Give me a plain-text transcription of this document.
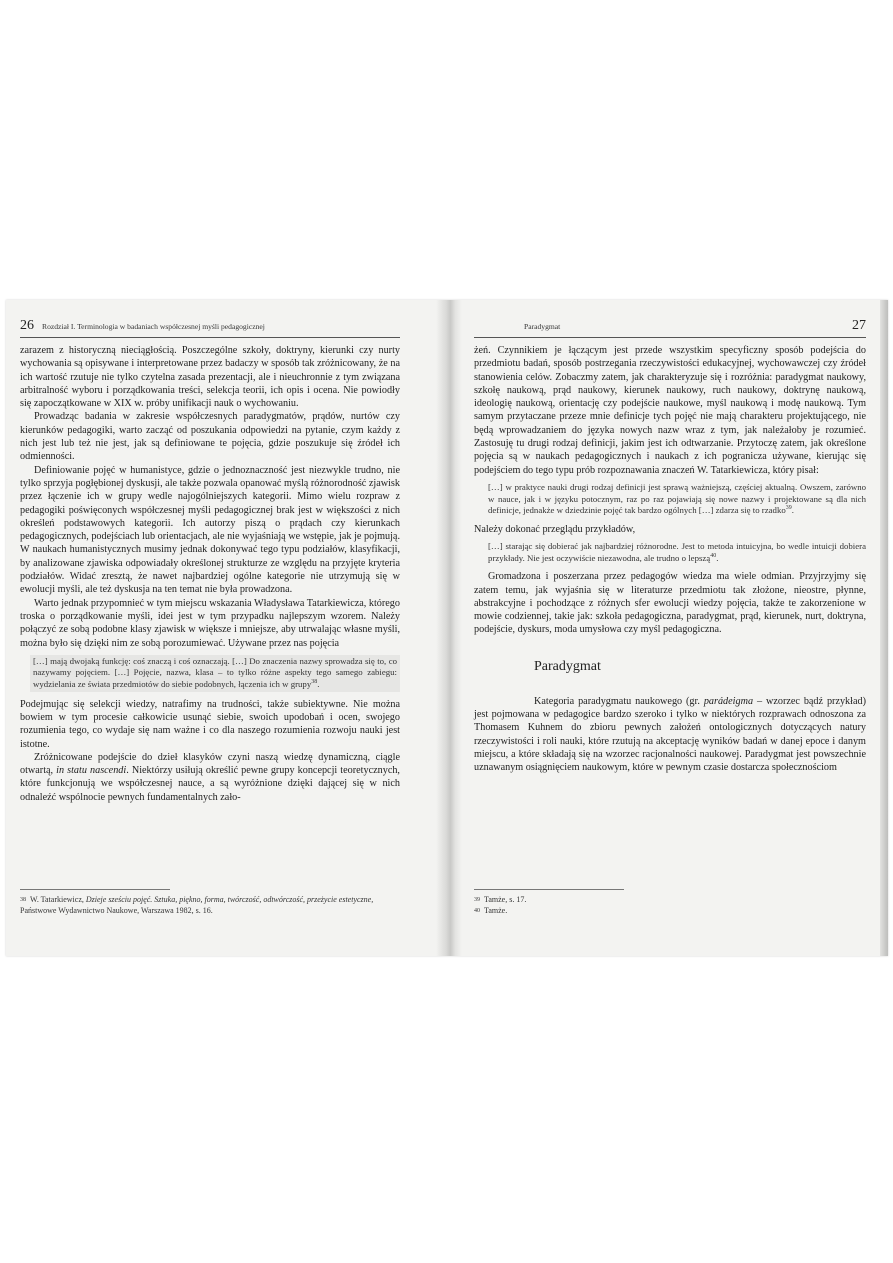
26 Rozdział I. Terminologia w badaniach współczesnej myśli pedagogicznej

zarazem z historyczną nieciągłością. Poszczególne szkoły, doktryny, kierunki czy nurty wychowania są opisywane i interpretowane przez badaczy w sposób tak zróżnicowany, że na ich wartość rzutuje nie tylko czytelna zasada prezentacji, ale i nieuchronnie z tym związana arbitralność wyboru i porządkowania treści, selekcja teorii, ich opis i ocena. Nie powiodły się zapoczątkowane w XIX w. próby unifikacji nauk o wychowaniu.

Prowadząc badania w zakresie współczesnych paradygmatów, prądów, nurtów czy kierunków pedagogiki, warto zacząć od poszukania odpowiedzi na pytanie, czym każdy z nich jest lub też nie jest, jak są definiowane te pojęcia, gdzie poszukuje się źródeł ich odmienności.

Definiowanie pojęć w humanistyce, gdzie o jednoznaczność jest niezwykle trudno, nie tylko sprzyja pogłębionej dyskusji, ale także pozwala opanować myślą różnorodność zjawisk przez łączenie ich w grupy wedle najogólniejszych kategorii. Mimo wielu rozpraw z pedagogiki poświęconych współczesnej myśli pedagogicznej brak jest w większości z nich określeń podstawowych kategorii. Ich autorzy piszą o prądach czy kierunkach pedagogicznych, podejściach lub orientacjach, ale nie wyjaśniają we wstępie, jak je pojmują. W naukach humanistycznych musimy jednak dokonywać tego typu podziałów, klasyfikacji, by analizowane zjawiska odpowiadały określonej strukturze ze względu na przyjęte kryteria podziałów. Widać zresztą, że nawet najbardziej ogólne kategorie nie utrzymują się w ewolucji myśli, ale też dyskusja na ten temat nie była prowadzona.

Warto jednak przypomnieć w tym miejscu wskazania Władysława Tatarkiewicza, którego troska o porządkowanie myśli, idei jest w tym przypadku najlepszym wzorem. Należy połączyć ze sobą podobne klasy zjawisk w większe i mniejsze, aby utrwalając własne myśli, można było się dzięki nim ze sobą porozumiewać. Używane przez nas pojęcia

[…] mają dwojaką funkcję: coś znaczą i coś oznaczają. […] Do znaczenia nazwy sprowadza się to, co nazywamy pojęciem. […] Pojęcie, nazwa, klasa – to tylko różne aspekty tego samego zabiegu: wydzielania ze świata przedmiotów do siebie podobnych, łączenia ich w grupy$^{38}$.

Podejmując się selekcji wiedzy, natrafimy na trudności, także subiektywne. Nie można bowiem w tym procesie całkowicie usunąć siebie, swoich upodobań i ocen, swojego rozumienia tego, co wydaje się nam ważne i co dla naszego rozumienia rozwoju nauki jest istotne.

Zróżnicowane podejście do dzieł klasyków czyni naszą wiedzę dynamiczną, ciągle otwartą, in statu nascendi. Niektórzy usiłują określić pewne grupy koncepcji teoretycznych, które funkcjonują we współczesnej nauce, a są wyróżnione dzięki dającej się w nich odnaleźć wspólnocie pewnych fundamentalnych zało-

$^{38}$ W. Tatarkiewicz, Dzieje sześciu pojęć. Sztuka, piękno, forma, twórczość, odtwórczość, przeżycie estetyczne, Państwowe Wydawnictwo Naukowe, Warszawa 1982, s. 16.
Paradygmat	27

żeń. Czynnikiem je łączącym jest przede wszystkim specyficzny sposób podejścia do przedmiotu badań, sposób postrzegania rzeczywistości edukacyjnej, wychowawczej czy źródeł stanowienia celów. Zobaczmy zatem, jak charakteryzuje się i rozróżnia: paradygmat naukowy, szkołę naukową, prąd naukowy, kierunek naukowy, ruch naukowy, doktrynę naukową, ideologię naukową, orientację czy podejście naukowe, myśl naukową i modę naukową. Tym samym przytaczane przeze mnie definicje tych pojęć nie mają charakteru projektującego, nie będą wprowadzaniem do języka nowych nazw wraz z tym, jak należałoby je rozumieć. Zastosuję tu drugi rodzaj definicji, jakim jest ich odtwarzanie. Przytoczę zatem, jak określone pojęcia są w naukach pedagogicznych i naukach z ich pogranicza używane, kierując się podejściem do tego typu prób rozpoznawania znaczeń W. Tatarkiewicza, który pisał:

[…] w praktyce nauki drugi rodzaj definicji jest sprawą ważniejszą, częściej aktualną. Owszem, zarówno w nauce, jak i w języku potocznym, raz po raz pojawiają się nowe nazwy i projektowane są dla nich definicje, jednakże w dziedzinie pojęć tak bardzo ogólnych […] zdarza się to rzadko$^{39}$.

Należy dokonać przeglądu przykładów,

[…] starając się dobierać jak najbardziej różnorodne. Jest to metoda intuicyjna, bo wedle intuicji dobiera przykłady. Nie jest oczywiście niezawodna, ale trudno o lepszą$^{40}$.

Gromadzona i poszerzana przez pedagogów wiedza ma wiele odmian. Przyjrzyjmy się zatem temu, jak wyjaśnia się w literaturze przedmiotu tak złożone, nieostre, płynne, abstrakcyjne i pochodzące z różnych sfer ewolucji wiedzy pojęcia, także te zakorzenione w mowie codziennej, takie jak: szkoła pedagogiczna, paradygmat, prąd, kierunek, nurt, doktryna, podejście, dyskurs, moda umysłowa czy myśl pedagogiczna.

Paradygmat

Kategoria paradygmatu naukowego (gr. parádeigma – wzorzec bądź przykład) jest pojmowana w pedagogice bardzo szeroko i tylko w niektórych rozprawach odnoszona za Thomasem Kuhnem do zbioru pewnych założeń ontologicznych dotyczących natury rzeczywistości i roli nauki, które rzutują na akceptację wyników badań w danej epoce i danym miejscu, a które składają się na wzorzec racjonalności naukowej. Paradygmat jest powszechnie uznawanym osiągnięciem naukowym, które w pewnym czasie dostarcza społecznościom

$^{39}$ Tamże, s. 17.
$^{40}$ Tamże.
